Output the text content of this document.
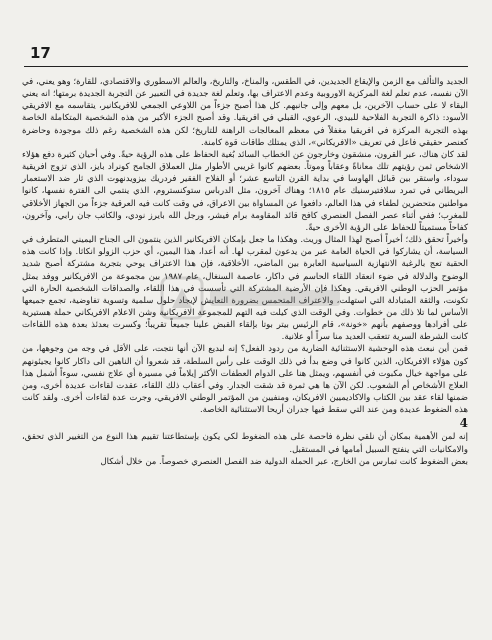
17

الجديد والتألف مع الزمن والإيقاع الجديدين، في الطقس، والمناخ، والتاريخ، والعالم الاسطوري والاقتصادي، للقارة؛ وهو يعني، في الآن نفسه، عدم تعلم لغة المركزية الاوروبية وعدم الاعتراف بها، وتعلم لغة جديدة في التعبير عن التجربة الجديدة برمتها؛ انه يعني البقاء لا على حساب الآخرين، بل معهم وإلى جانبهم. كل هذا أصبح جزءاً من اللاوعي الجمعي للافريكانير، يتقاسمه مع الافريقي الأسود: ذاكرة التجربة الفلاحية للبيدي، الرعوي، القبلي في افريقيا. وقد أصبح الجزء الأكبر من هذه الشخصية المتكاملة الخاصة بهذه التجربة المركزة في افريقيا مغفلاً في معظم المعالجات الراهنة للتاريخ؛ لكن هذه الشخصية رغم ذلك موجودة وحاضرة كعنصر حقيقي فاعل في تعريف «الافريكاني»، الذي يمتلك طاقات قوة كامنة.

لقد كان هناك، عبر القرون، منشقون وخارجون عن الخطاب السائد بُغية الحفاظ على هذه الرؤية حيةً. وفي أحيان كثيرة دفع هؤلاء الاشخاص ثمن رؤيتهم تلك معاناةً وعقاباً وموتاً. بعضهم كانوا غريبي الأطوار مثل العملاق الجامح كونراد بايز، الذي تزوج افريقية سوداء، واستقر بين قبائل الهاوسا في بداية القرن التاسع عشر؛ أو الفلاح الفقير فردريك بيزويدنهوت الذي ثار ضد الاستعمار البريطاني في تمرد سلافتيرسنيك عام ١٨١٥؛ وهناك آخرون، مثل الدرباس ستوكنستروم، الذي ينتمي الى الفترة نفسها، كانوا مواطنين متحضرين لطفاء في هذا العالم، دافعوا عن المساواة بين الاعراق، في وقت كانت فيه العرقية جزءاً من الجهاز الأخلاقي للمغرب؛ ففي أثناء عصر الفصل العنصري كافح قائد المقاومة برام فيشر، ورجل الله بايرز نودي، والكاتب جان رابي، وآخرون، كفاحاً مستميتاً للحفاظ على الرؤية الأخرى حيةً.

وأخيراً تحقق ذلك؛ أخيراً أصبح لهذا المثال وريث. وهكذا ما جعل بإمكان الافريكانير الذين ينتمون الى الجناح اليميني المتطرف في السياسة، أن يشاركوا في الحياة العامة عبر من يدعون لمقرب لها. أنه أعدا، هذا اليمين، أي حزب الزولو انكاثا. وإذا كانت هذه الحقبة تعج بالرغبة الانتهازية السياسية العابرة بين الماضي، الأخلاقية، فإن هذا الاعتراف يوحي بتجربة مشتركة أصبح شديد الوضوح والدلالة في ضوء انعقاد اللقاء الحاسم في داكار، عاصمة السنغال، عام ١٩٨٧ بين مجموعة من الافريكانير ووفد يمثل مؤتمر الحزب الوطني الافريقي. وهكذا فإن الأرضية المشتركة التي تأسست في هذا اللقاء، والصداقات الشخصية الحارة التي تكونت، والثقة المتبادلة التي استهلت، والاعتراف المتحمس بضرورة التعايش لإيجاد حلول سلمية وتسوية تفاوضية، تجمع جميعها الأساس لما تلا ذلك من خطوات. وفي الوقت الذي كيلت فيه التهم للمجموعة الافريكانية وشن الاعلام الافريكاني حملة هستيرية على أفرادها ووصفهم بأنهم «خونة»، قام الرئيس بيتر بوتا بإلقاء القبض علينا جميعاً تقريباً؛ وكسرت بعدئذ بعدة هذه اللقاءات كانت الشرطة السرية تتعقب العديد منا سراً أو علانية.

فمن أين نبعث هذه الوحشية الاستثنائية الضارية من ردود الفعل؟ إنه لبديع الآن أنها نتجت، على الأقل في وجه من وجوهها، من كون هؤلاء الافريكان، الذين كانوا في وضع بدأ في ذلك الوقت على رأس السلطة، قد شعروا أن الناهين الى داكار كانوا يجيئونهم على مواجهة خيال مكبوت في أنفسهم، ويمثل هنا على الدوام العطفات الأكثر إيلاماً في مسيرة أي علاج نفسي، سوءاً أشمل هذا العلاج الأشخاص أم الشعوب. لكن الآن ها هي ثمرة قد شقت الجدار. وفي أعقاب ذلك اللقاء، عقدت لقاءات عديدة أخرى، ومن ضمنها لقاء عقد بين الكتاب والاكاديميين الافريكان، ومنفيين من المؤتمر الوطني الافريقي، وجرت عدة لقاءات أخرى. ولقد كانت هذه الضغوط عديدة ومن عند التي سقط فيها جدران أريحا الاستثنائية الخاصة.

4

إنه لمن الأهمية بمكان أن نلقي نظرة فاحصة على هذه الضغوط لكي يكون بإستطاعتنا تقييم هذا النوع من التغيير الذي تحقق، والامكانيات التي ينفتح السبيل أمامها في المستقبل.

بعض الضغوط كانت تمارس من الخارج، عبر الحملة الدولية ضد الفصل العنصري خصوصاً. من خلال أشكال
